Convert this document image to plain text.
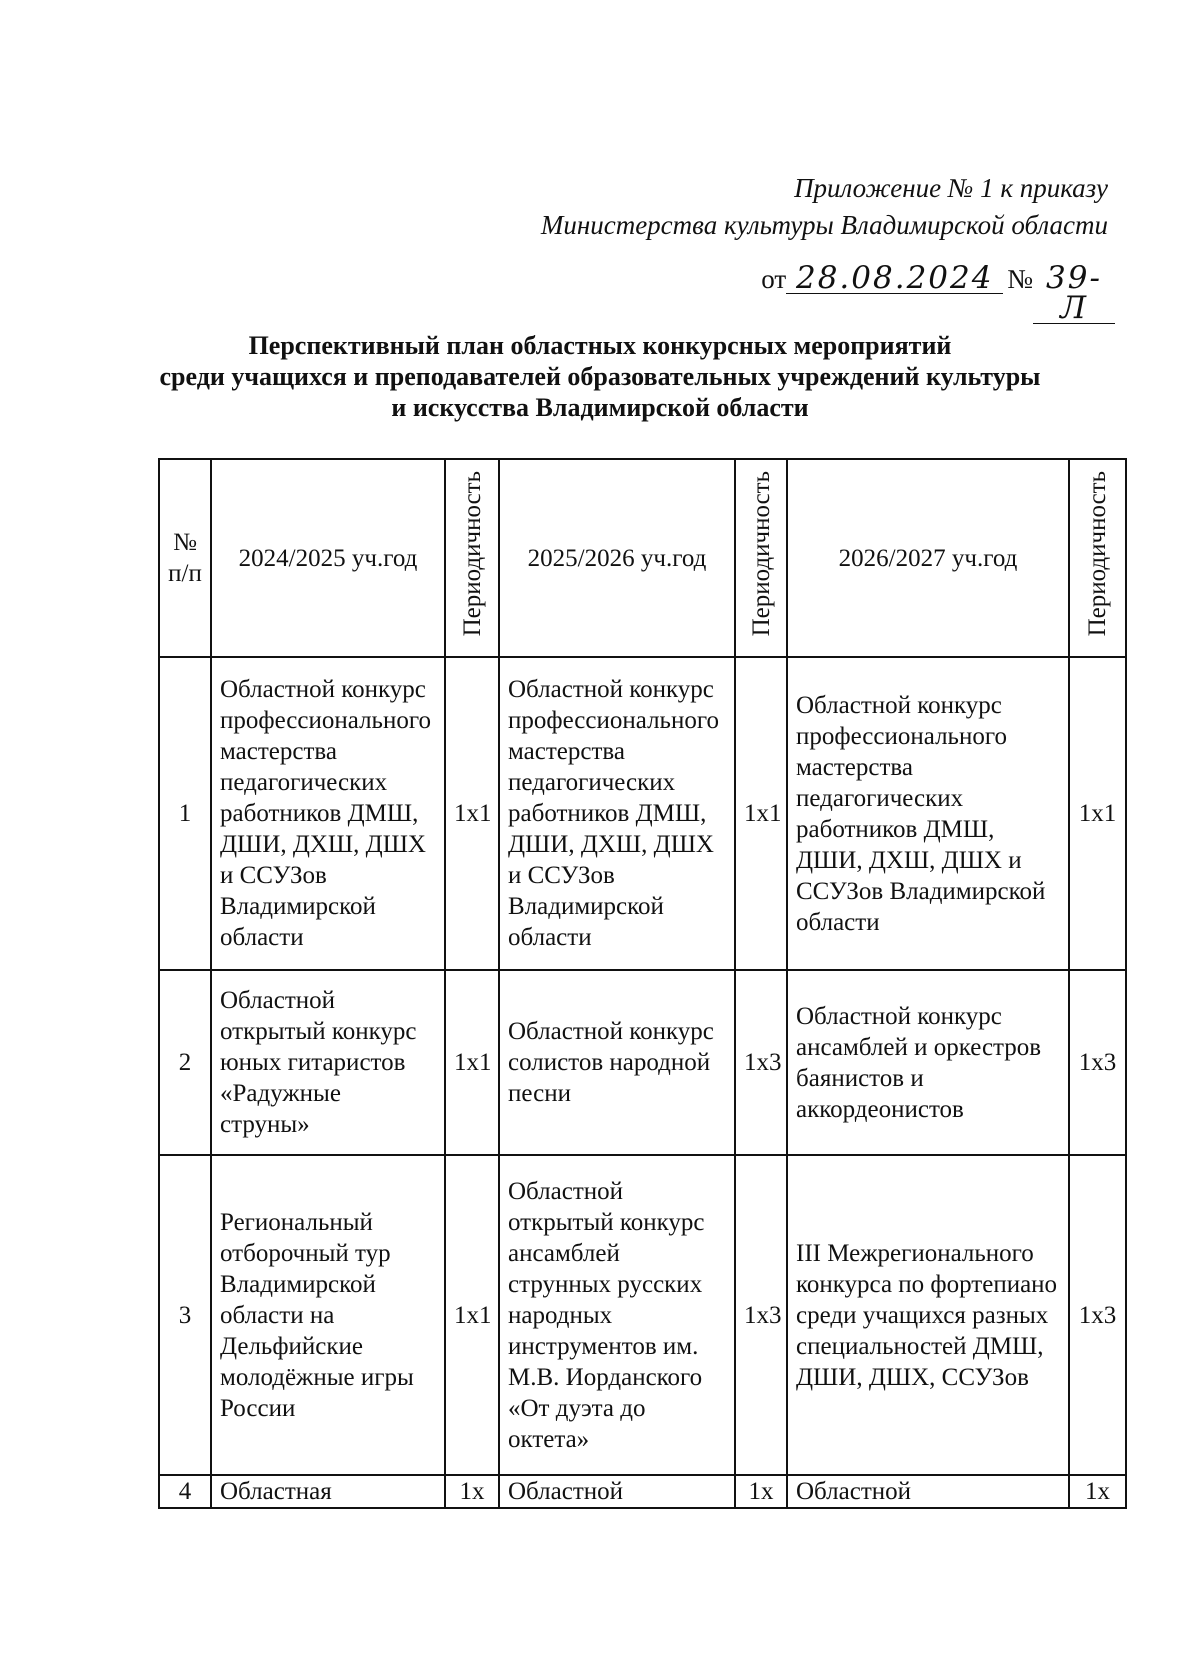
Приложение № 1 к приказу
Министерства культуры Владимирской области
от 28.08.2024 № 39-Л
Перспективный план областных конкурсных мероприятий
среди учащихся и преподавателей образовательных учреждений культуры
и искусства Владимирской области
№ п/п	2024/2025 уч.год	Периодичность	2025/2026 уч.год	Периодичность	2026/2027 уч.год	Периодичность
1	Областной конкурс профессионального мастерства педагогических работников ДМШ, ДШИ, ДХШ, ДШХ и ССУЗов Владимирской области	1х1	Областной конкурс профессионального мастерства педагогических работников ДМШ, ДШИ, ДХШ, ДШХ и ССУЗов Владимирской области	1х1	Областной конкурс профессионального мастерства педагогических работников ДМШ, ДШИ, ДХШ, ДШХ и ССУЗов Владимирской области	1х1
2	Областной открытый конкурс юных гитаристов «Радужные струны»	1х1	Областной конкурс солистов народной песни	1х3	Областной конкурс ансамблей и оркестров баянистов и аккордеонистов	1х3
3	Региональный отборочный тур Владимирской области на Дельфийские молодёжные игры России	1х1	Областной открытый конкурс ансамблей струнных русских народных инструментов им. М.В. Иорданского «От дуэта до октета»	1х3	III Межрегионального конкурса по фортепиано среди учащихся разных специальностей ДМШ, ДШИ, ДШХ, ССУЗов	1х3
4	Областная	1х	Областной	1х	Областной	1х
